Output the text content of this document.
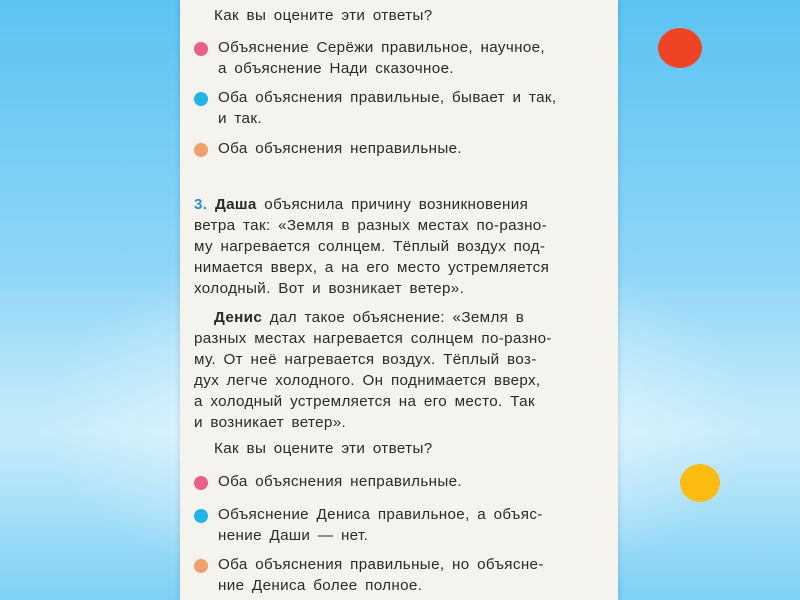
Как вы оцените эти ответы?
Объяснение Серёжи правильное, научное,
а объяснение Нади сказочное.
Оба объяснения правильные, бывает и так,
и так.
Оба объяснения неправильные.
3. Даша объяснила причину возникновения
ветра так: «Земля в разных местах по-разно-
му нагревается солнцем. Тёплый воздух под-
нимается вверх, а на его место устремляется
холодный. Вот и возникает ветер».
Денис дал такое объяснение: «Земля в
разных местах нагревается солнцем по-разно-
му. От неё нагревается воздух. Тёплый воз-
дух легче холодного. Он поднимается вверх,
а холодный устремляется на его место. Так
и возникает ветер».
Как вы оцените эти ответы?
Оба объяснения неправильные.
Объяснение Дениса правильное, а объяс-
нение Даши — нет.
Оба объяснения правильные, но объясне-
ние Дениса более полное.
